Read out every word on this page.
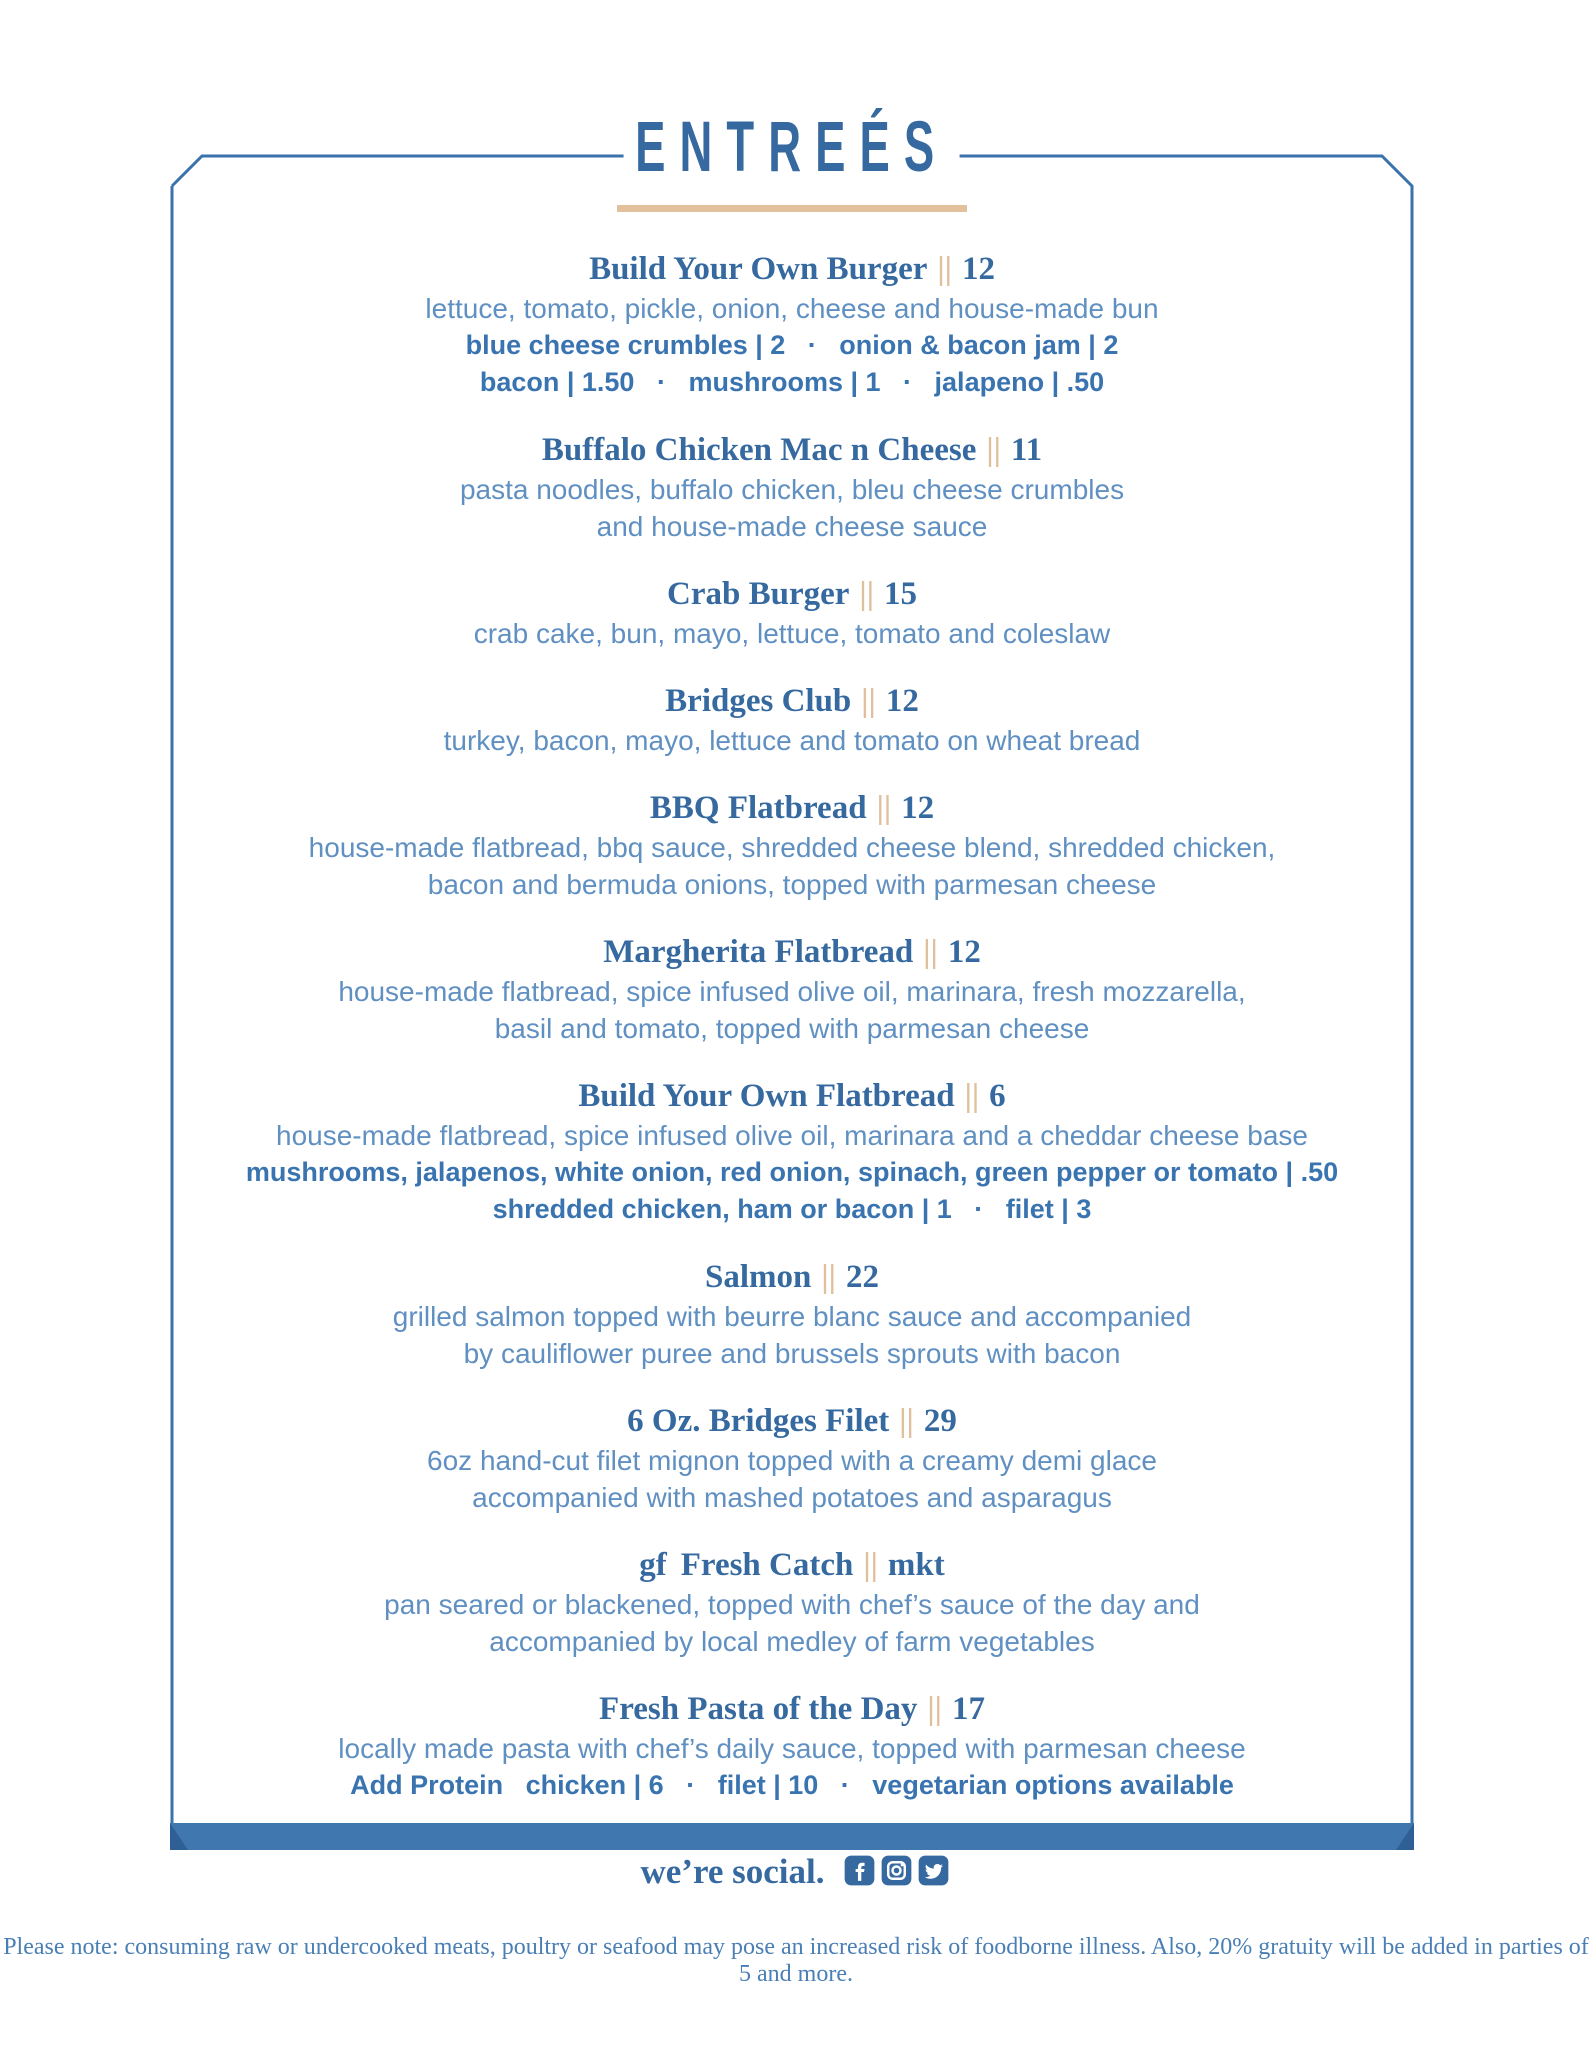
ENTREÉS
Build Your Own Burger || 12
lettuce, tomato, pickle, onion, cheese and house-made bun
blue cheese crumbles | 2   ·   onion & bacon jam | 2
bacon | 1.50   ·   mushrooms | 1   ·   jalapeno | .50
Buffalo Chicken Mac n Cheese || 11
pasta noodles, buffalo chicken, bleu cheese crumbles
and house-made cheese sauce
Crab Burger || 15
crab cake, bun, mayo, lettuce, tomato and coleslaw
Bridges Club || 12
turkey, bacon, mayo, lettuce and tomato on wheat bread
BBQ Flatbread || 12
house-made flatbread, bbq sauce, shredded cheese blend, shredded chicken,
bacon and bermuda onions, topped with parmesan cheese
Margherita Flatbread || 12
house-made flatbread, spice infused olive oil, marinara, fresh mozzarella,
basil and tomato, topped with parmesan cheese
Build Your Own Flatbread || 6
house-made flatbread, spice infused olive oil, marinara and a cheddar cheese base
mushrooms, jalapenos, white onion, red onion, spinach, green pepper or tomato | .50
shredded chicken, ham or bacon | 1   ·   filet | 3
Salmon || 22
grilled salmon topped with beurre blanc sauce and accompanied
by cauliflower puree and brussels sprouts with bacon
6 Oz. Bridges Filet || 29
6oz hand-cut filet mignon topped with a creamy demi glace
accompanied with mashed potatoes and asparagus
gf Fresh Catch || mkt
pan seared or blackened, topped with chef’s sauce of the day and
accompanied by local medley of farm vegetables
Fresh Pasta of the Day || 17
locally made pasta with chef’s daily sauce, topped with parmesan cheese
Add Protein   chicken | 6   ·   filet | 10   ·   vegetarian options available
we’re social.
Please note: consuming raw or undercooked meats, poultry or seafood may pose an increased risk of foodborne illness. Also, 20% gratuity will be added in parties of 5 and more.
